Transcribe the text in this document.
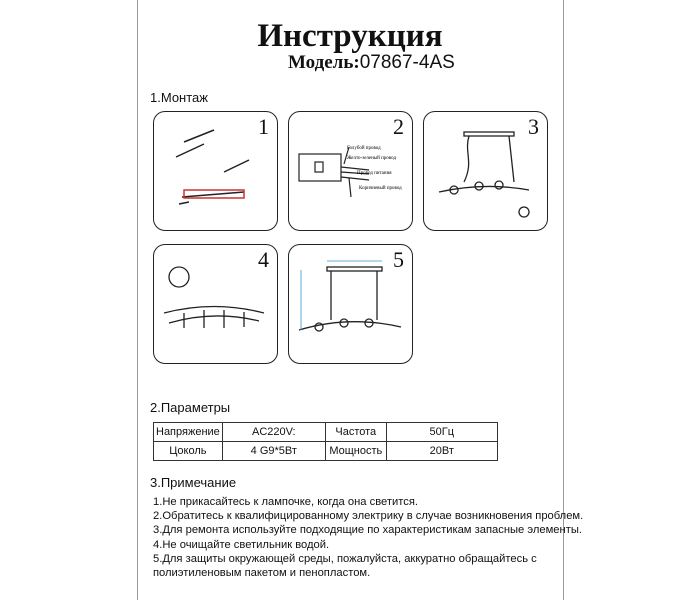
Инструкция
Модель:07867-4AS
1.Монтаж
1	2
Голубой провод
Желто-зеленый провод
Провод питания
Коричневый провод
3
4	5
2.Параметры
Напряжение	AC220V:	Частота	50Гц
Цоколь	4 G9*5Вт	Мощность	20Вт
3.Примечание
1.Не прикасайтесь к лампочке, когда она светится.
2.Обратитесь к квалифицированному электрику в случае возникновения проблем.
3.Для ремонта используйте подходящие по характеристикам запасные элементы.
4.Не очищайте светильник водой.
5.Для защиты окружающей среды, пожалуйста, аккуратно обращайтесь с
полиэтиленовым пакетом и пенопластом.
